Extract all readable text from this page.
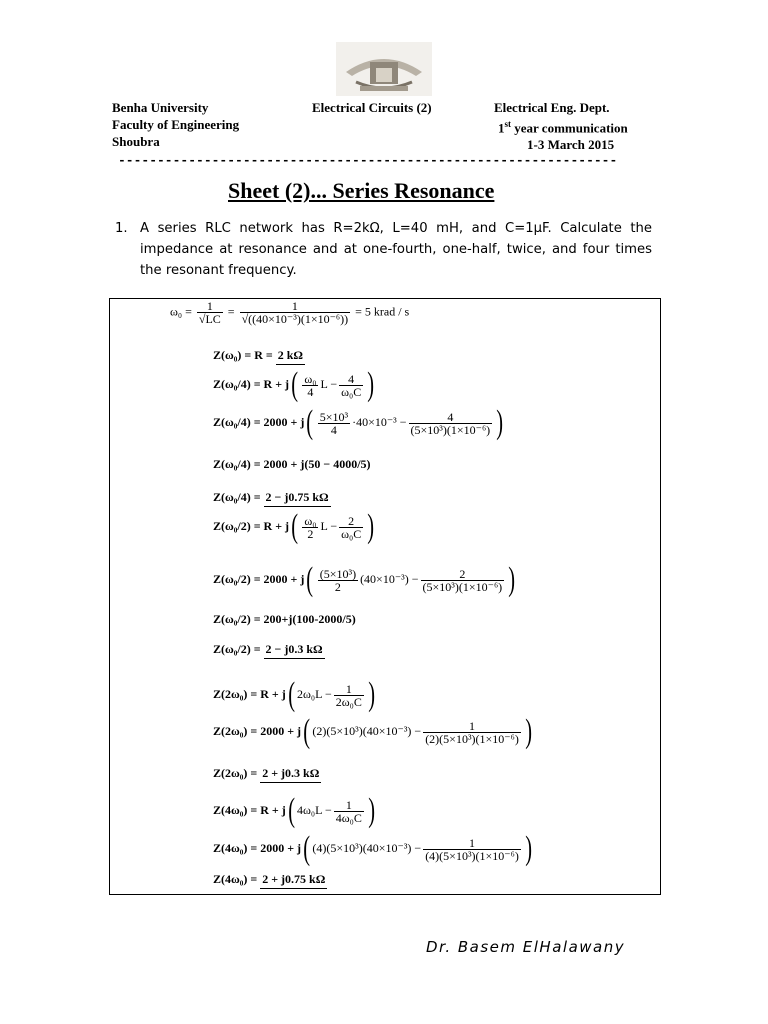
Benha University
Faculty of Engineering
Shoubra
Electrical Circuits (2)	Electrical Eng. Dept.
1st year communication
1-3 March 2015
----------------------------------------------------------------
Sheet (2)... Series Resonance
1. A series RLC network has R=2kΩ, L=40 mH, and C=1μF. Calculate the impedance at resonance and at one-fourth, one-half, twice, and four times the resonant frequency.
$\omega_0 = \frac{1}{√LC} = \frac{1}{\text{√((40×10⁻³)(1×10⁻⁶))}} = 5$ krad / s
Z(ω₀) = R = 2 kΩ
$Z(\omega_0/4) = R + j( \frac{\text{ω₀}}{4}$ $L - \frac{4}{\text{ω₀C}}$ )
$Z(\omega_0/4) = 2000 + j( \frac{\text{5×10³}}{4} \cdot 40\times 10^{-3} - \frac{4}{\text{(5×10³)(1×10⁻⁶)}}$ )
Z(ω₀/4) = 2000 + j(50 − 4000/5)
Z(ω₀/4) = 2 − j0.75 kΩ
$Z(\omega_0/2) = R + j( \frac{\text{ω₀}}{2}$ $L - \frac{2}{\text{ω₀C}}$ )
$Z(\omega_0/2) = 2000 + j( \frac{\text{(5×10³)}}{2} (40\times 10^{-3}) - \frac{2}{\text{(5×10³)(1×10⁻⁶)}}$ )
Z(ω₀/2) = 200+j(100-2000/5)
Z(ω₀/2) = 2 − j0.3 kΩ
Z(2ω₀) = R + j( $2\omega_0L - \frac{1}{\text{2ω₀C}}$ )
Z(2ω₀) = 2000 + j( $(2)(5\times 10^3)(40\times 10^{-3}) - \frac{1}{\text{(2)(5×10³)(1×10⁻⁶)}}$ )
Z(2ω₀) = 2 + j0.3 kΩ
Z(4ω₀) = R + j( $4\omega_0L - \frac{1}{\text{4ω₀C}}$ )
Z(4ω₀) = 2000 + j( $(4)(5\times 10^3)(40\times 10^{-3}) - \frac{1}{\text{(4)(5×10³)(1×10⁻⁶)}}$ )
Z(4ω₀) = 2 + j0.75 kΩ
Dr. Basem ElHalawany
